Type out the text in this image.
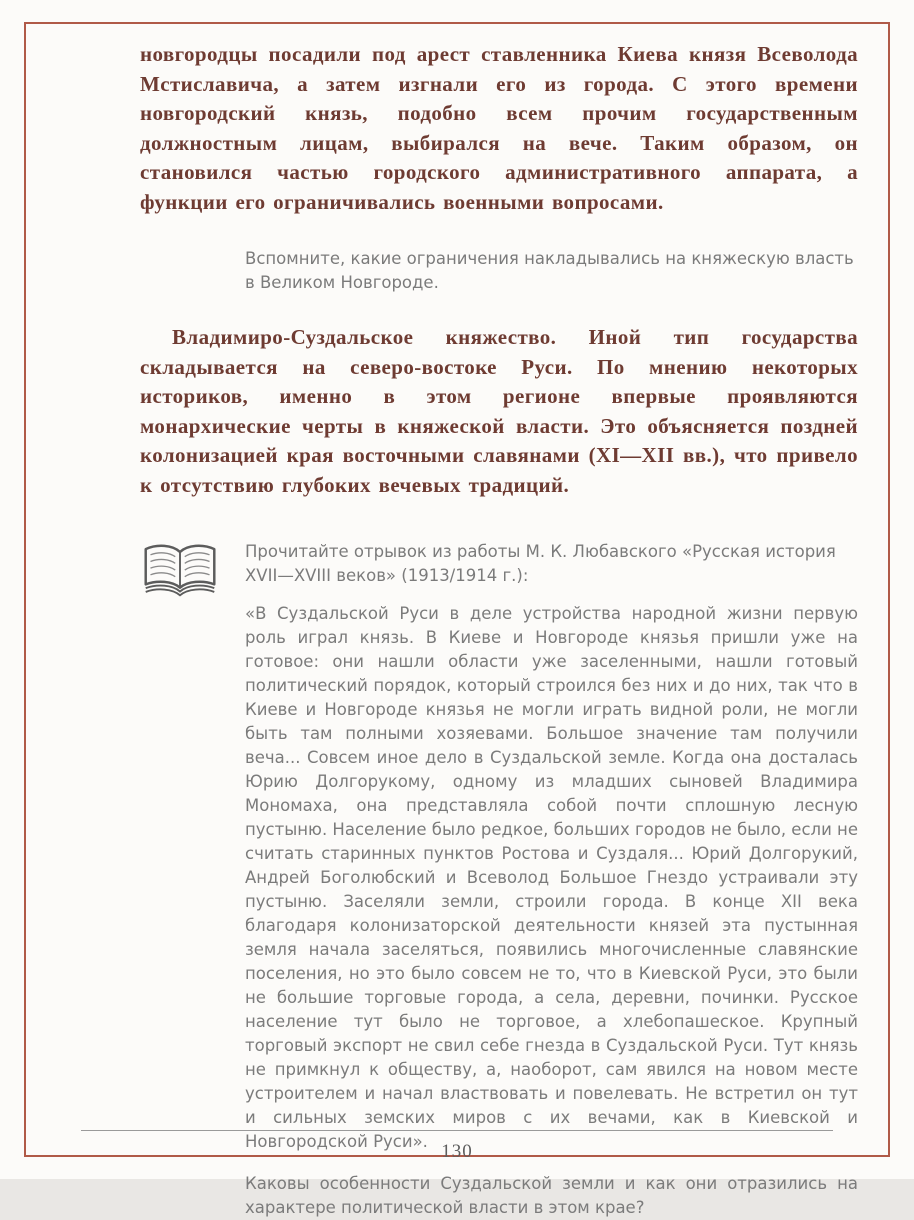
новгородцы посадили под арест ставленника Киева князя Всеволода Мстиславича, а затем изгнали его из города. С этого времени новгородский князь, подобно всем прочим государственным должностным лицам, выбирался на вече. Таким образом, он становился частью городского административного аппарата, а функции его ограничивались военными вопросами.

Вспомните, какие ограничения накладывались на княжескую власть в Великом Новгороде.

Владимиро-Суздальское княжество. Иной тип государства складывается на северо-востоке Руси. По мнению некоторых историков, именно в этом регионе впервые проявляются монархические черты в княжеской власти. Это объясняется поздней колонизацией края восточными славянами (XI—XII вв.), что привело к отсутствию глубоких вечевых традиций.

Прочитайте отрывок из работы М. К. Любавского «Русская история XVII—XVIII веков» (1913/1914 г.):

«В Суздальской Руси в деле устройства народной жизни первую роль играл князь. В Киеве и Новгороде князья пришли уже на готовое: они нашли области уже заселенными, нашли готовый политический порядок, который строился без них и до них, так что в Киеве и Новгороде князья не могли играть видной роли, не могли быть там полными хозяевами. Большое значение там получили веча... Совсем иное дело в Суздальской земле. Когда она досталась Юрию Долгорукому, одному из младших сыновей Владимира Мономаха, она представляла собой почти сплошную лесную пустыню. Население было редкое, больших городов не было, если не считать старинных пунктов Ростова и Суздаля... Юрий Долгорукий, Андрей Боголюбский и Всеволод Большое Гнездо устраивали эту пустыню. Заселяли земли, строили города. В конце XII века благодаря колонизаторской деятельности князей эта пустынная земля начала заселяться, появились многочисленные славянские поселения, но это было совсем не то, что в Киевской Руси, это были не большие торговые города, а села, деревни, починки. Русское население тут было не торговое, а хлебопашеское. Крупный торговый экспорт не свил себе гнезда в Суздальской Руси. Тут князь не примкнул к обществу, а, наоборот, сам явился на новом месте устроителем и начал властвовать и повелевать. Не встретил он тут и сильных земских миров с их вечами, как в Киевской и Новгородской Руси».

Каковы особенности Суздальской земли и как они отразились на характере политической власти в этом крае?

130
